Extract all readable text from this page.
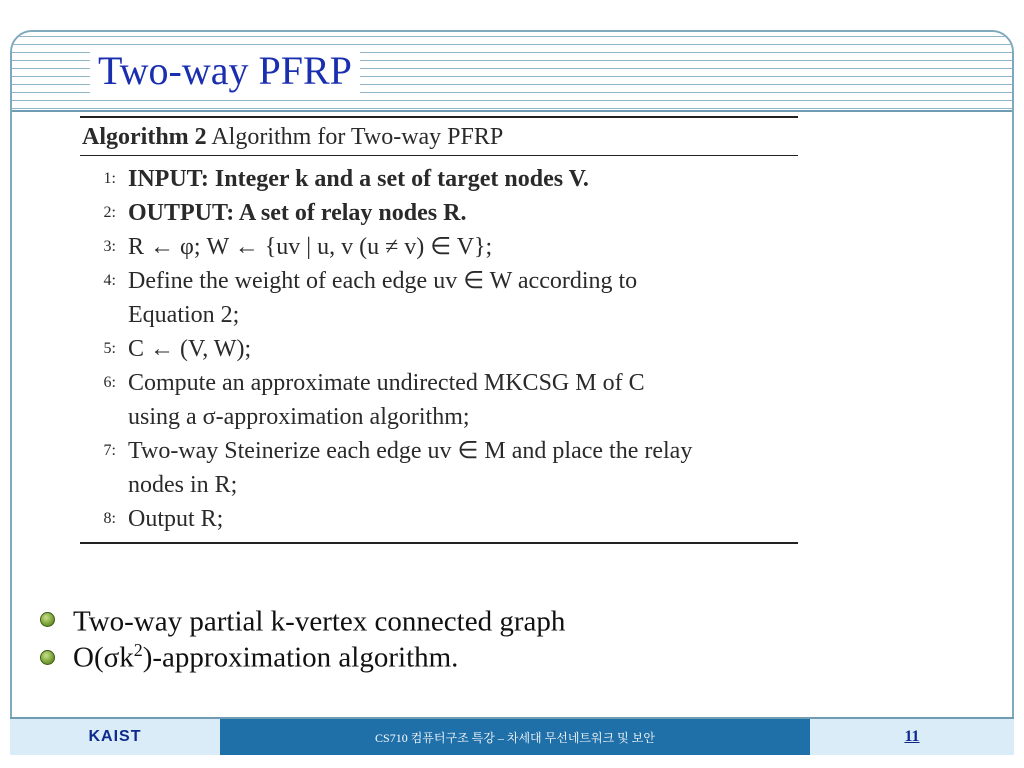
Two-way PFRP
Algorithm 2 Algorithm for Two-way PFRP
1: INPUT: Integer k and a set of target nodes V.
2: OUTPUT: A set of relay nodes R.
3: R ← φ; W ← {uv | u, v (u ≠ v) ∈ V};
4: Define the weight of each edge uv ∈ W according to
Equation 2;
5: C ← (V, W);
6: Compute an approximate undirected MKCSG M of C
using a σ-approximation algorithm;
7: Two-way Steinerize each edge uv ∈ M and place the relay
nodes in R;
8: Output R;
Two-way partial k-vertex connected graph
$O(\sigma k^2)$-approximation algorithm.
KAIST	CS710 컴퓨터구조 특강 – 차세대 무선네트워크 및 보안	11
